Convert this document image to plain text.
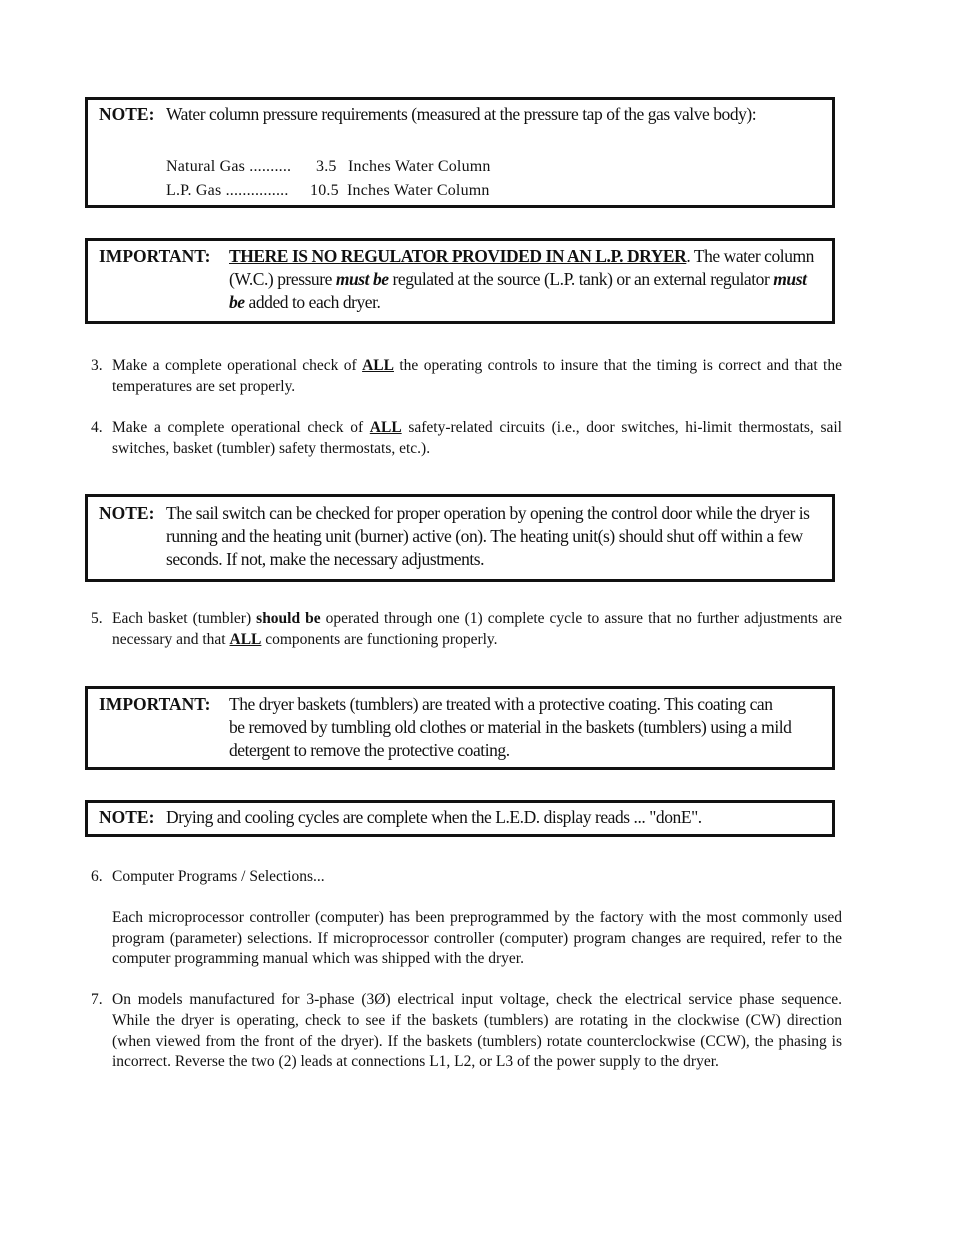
NOTE: Water column pressure requirements (measured at the pressure tap of the gas valve body):
Natural Gas .......... 3.5 Inches Water Column
L.P. Gas ............... 10.5 Inches Water Column
IMPORTANT: THERE IS NO REGULATOR PROVIDED IN AN L.P. DRYER. The water column (W.C.) pressure must be regulated at the source (L.P. tank) or an external regulator must be added to each dryer.
3. Make a complete operational check of ALL the operating controls to insure that the timing is correct and that the temperatures are set properly.
4. Make a complete operational check of ALL safety-related circuits (i.e., door switches, hi-limit thermostats, sail switches, basket (tumbler) safety thermostats, etc.).
NOTE: The sail switch can be checked for proper operation by opening the control door while the dryer is running and the heating unit (burner) active (on). The heating unit(s) should shut off within a few seconds. If not, make the necessary adjustments.
5. Each basket (tumbler) should be operated through one (1) complete cycle to assure that no further adjustments are necessary and that ALL components are functioning properly.
IMPORTANT: The dryer baskets (tumblers) are treated with a protective coating. This coating can be removed by tumbling old clothes or material in the baskets (tumblers) using a mild detergent to remove the protective coating.
NOTE: Drying and cooling cycles are complete when the L.E.D. display reads ... "donE".
6. Computer Programs / Selections...
Each microprocessor controller (computer) has been preprogrammed by the factory with the most commonly used program (parameter) selections. If microprocessor controller (computer) program changes are required, refer to the computer programming manual which was shipped with the dryer.
7. On models manufactured for 3-phase (3Ø) electrical input voltage, check the electrical service phase sequence. While the dryer is operating, check to see if the baskets (tumblers) are rotating in the clockwise (CW) direction (when viewed from the front of the dryer). If the baskets (tumblers) rotate counterclockwise (CCW), the phasing is incorrect. Reverse the two (2) leads at connections L1, L2, or L3 of the power supply to the dryer.
